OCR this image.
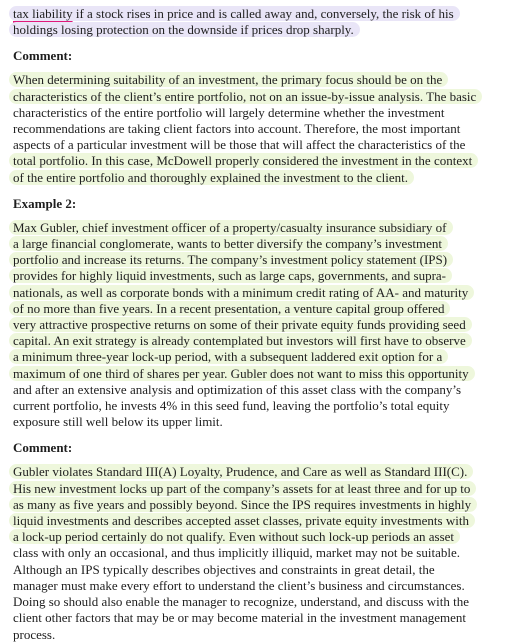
tax liability if a stock rises in price and is called away and, conversely, the risk of his
holdings losing protection on the downside if prices drop sharply.

Comment:

When determining suitability of an investment, the primary focus should be on the
characteristics of the client’s entire portfolio, not on an issue-by-issue analysis. The basic
characteristics of the entire portfolio will largely determine whether the investment
recommendations are taking client factors into account. Therefore, the most important
aspects of a particular investment will be those that will affect the characteristics of the
total portfolio. In this case, McDowell properly considered the investment in the context
of the entire portfolio and thoroughly explained the investment to the client.

Example 2:

Max Gubler, chief investment officer of a property/casualty insurance subsidiary of
a large financial conglomerate, wants to better diversify the company’s investment
portfolio and increase its returns. The company’s investment policy statement (IPS)
provides for highly liquid investments, such as large caps, governments, and supra-
nationals, as well as corporate bonds with a minimum credit rating of AA- and maturity
of no more than five years. In a recent presentation, a venture capital group offered
very attractive prospective returns on some of their private equity funds providing seed
capital. An exit strategy is already contemplated but investors will first have to observe
a minimum three-year lock-up period, with a subsequent laddered exit option for a
maximum of one third of shares per year. Gubler does not want to miss this opportunity
and after an extensive analysis and optimization of this asset class with the company’s
current portfolio, he invests 4% in this seed fund, leaving the portfolio’s total equity
exposure still well below its upper limit.

Comment:

Gubler violates Standard III(A) Loyalty, Prudence, and Care as well as Standard III(C).
His new investment locks up part of the company’s assets for at least three and for up to
as many as five years and possibly beyond. Since the IPS requires investments in highly
liquid investments and describes accepted asset classes, private equity investments with
a lock-up period certainly do not qualify. Even without such lock-up periods an asset
class with only an occasional, and thus implicitly illiquid, market may not be suitable.
Although an IPS typically describes objectives and constraints in great detail, the
manager must make every effort to understand the client’s business and circumstances.
Doing so should also enable the manager to recognize, understand, and discuss with the
client other factors that may be or may become material in the investment management
process.
